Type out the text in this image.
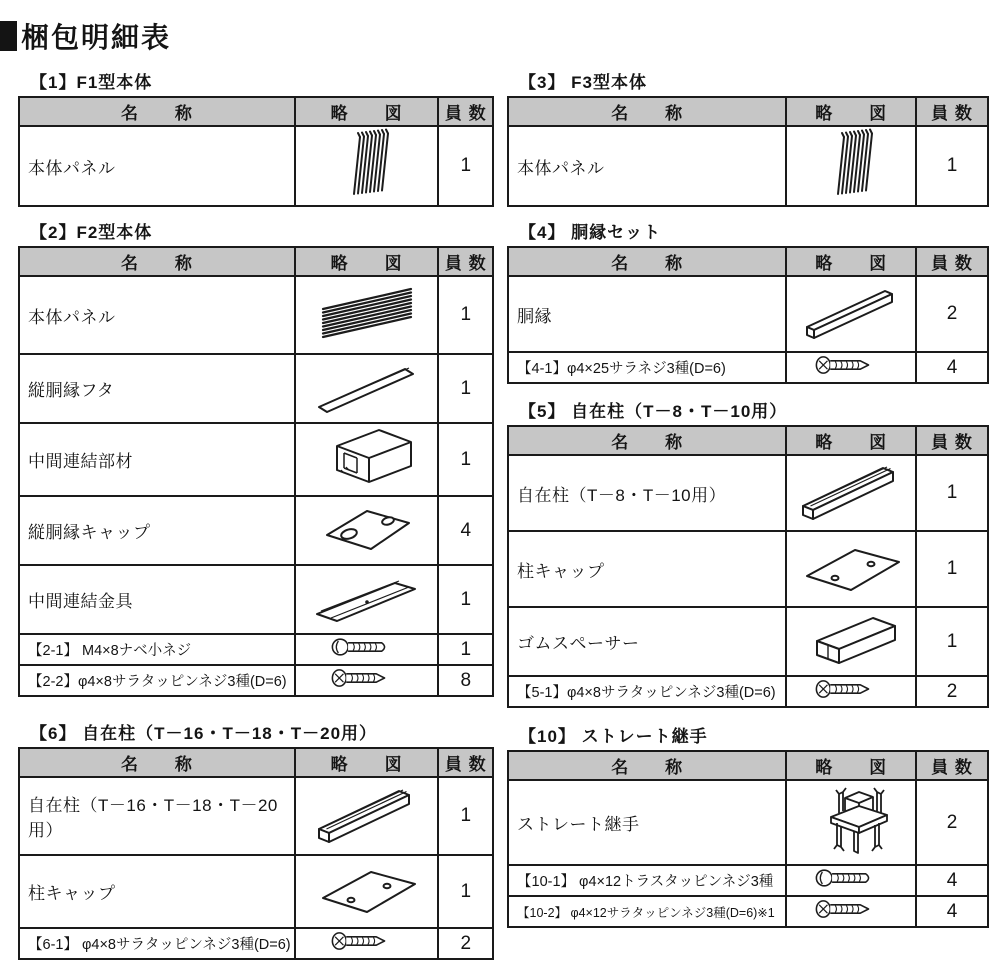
梱包明細表
【1】F1型本体
名　　称	略　　図	員 数
本体パネル		1
【2】F2型本体
名　　称	略　　図	員 数
本体パネル		1
縦胴縁フタ		1
中間連結部材		1
縦胴縁キャップ		4
中間連結金具		1
【2-1】 M4×8ナベ小ネジ		1
【2-2】φ4×8サラタッピンネジ3種(D=6)		8
【6】 自在柱（T－16・T－18・T－20用）
名　　称	略　　図	員 数
自在柱（T－16・T－18・T－20用）		1
柱キャップ		1
【6-1】 φ4×8サラタッピンネジ3種(D=6)		2
【3】 F3型本体
名　　称	略　　図	員 数
本体パネル		1
【4】 胴縁セット
名　　称	略　　図	員 数
胴縁		2
【4-1】φ4×25サラネジ3種(D=6)		4
【5】 自在柱（T－8・T－10用）
名　　称	略　　図	員 数
自在柱（T－8・T－10用）		1
柱キャップ		1
ゴムスペーサー		1
【5-1】φ4×8サラタッピンネジ3種(D=6)		2
【10】 ストレート継手
名　　称	略　　図	員 数
ストレート継手		2
【10-1】 φ4×12トラスタッピンネジ3種		4
【10-2】 φ4×12サラタッピンネジ3種(D=6)※1		4
